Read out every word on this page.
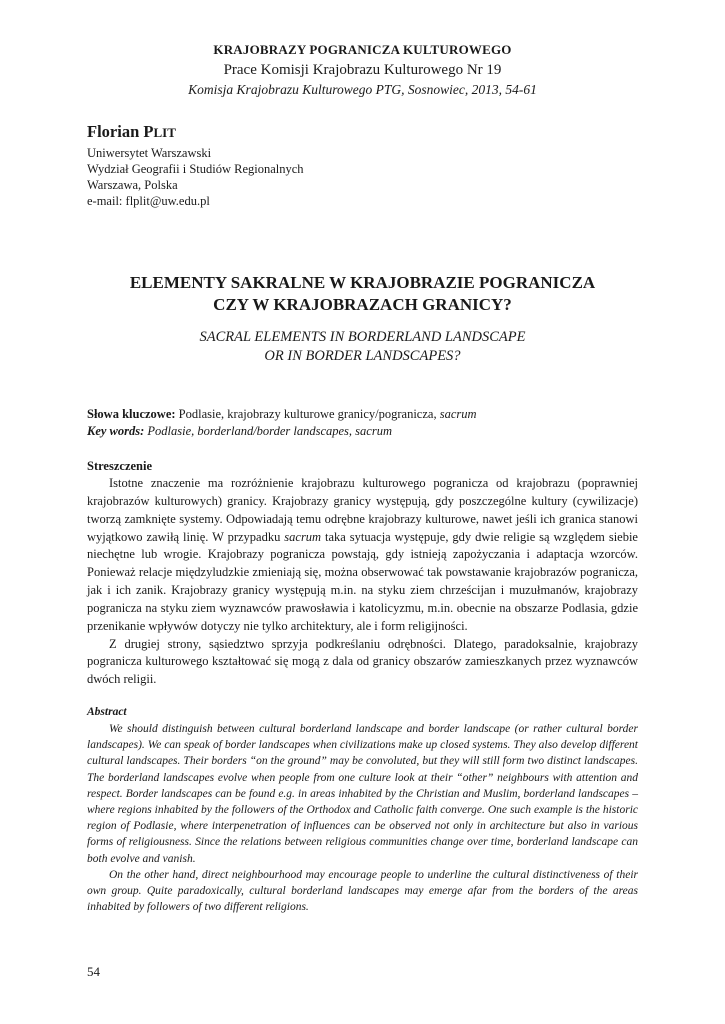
KRAJOBRAZY POGRANICZA KULTUROWEGO
Prace Komisji Krajobrazu Kulturowego Nr 19
Komisja Krajobrazu Kulturowego PTG, Sosnowiec, 2013, 54-61
Florian PLIT
Uniwersytet Warszawski
Wydział Geografii i Studiów Regionalnych
Warszawa, Polska
e-mail: flplit@uw.edu.pl
ELEMENTY SAKRALNE W KRAJOBRAZIE POGRANICZA
CZY W KRAJOBRAZACH GRANICY?
SACRAL ELEMENTS IN BORDERLAND LANDSCAPE
OR IN BORDER LANDSCAPES?
Słowa kluczowe: Podlasie, krajobrazy kulturowe granicy/pogranicza, sacrum
Key words: Podlasie, borderland/border landscapes, sacrum
Streszczenie

Istotne znaczenie ma rozróżnienie krajobrazu kulturowego pogranicza od krajobrazu (poprawniej krajobrazów kulturowych) granicy. Krajobrazy granicy występują, gdy poszczególne kultury (cywilizacje) tworzą zamknięte systemy. Odpowiadają temu odrębne krajobrazy kulturowe, nawet jeśli ich granica stanowi wyjątkowo zawiłą linię. W przypadku sacrum taka sytuacja występuje, gdy dwie religie są względem siebie niechętne lub wrogie. Krajobrazy pogranicza powstają, gdy istnieją zapożyczania i adaptacja wzorców. Ponieważ relacje międzyludzkie zmieniają się, można obserwować tak powstawanie krajobrazów pogranicza, jak i ich zanik. Krajobrazy granicy występują m.in. na styku ziem chrześcijan i muzułmanów, krajobrazy pogranicza na styku ziem wyznawców prawosławia i katolicyzmu, m.in. obecnie na obszarze Podlasia, gdzie przenikanie wpływów dotyczy nie tylko architektury, ale i form religijności.

Z drugiej strony, sąsiedztwo sprzyja podkreślaniu odrębności. Dlatego, paradoksalnie, krajobrazy pogranicza kulturowego kształtować się mogą z dala od granicy obszarów zamieszkanych przez wyznawców dwóch religii.

Abstract

We should distinguish between cultural borderland landscape and border landscape (or rather cultural border landscapes). We can speak of border landscapes when civilizations make up closed systems. They also develop different cultural landscapes. Their borders “on the ground” may be convoluted, but they will still form two distinct landscapes. The borderland landscapes evolve when people from one culture look at their “other” neighbours with attention and respect. Border landscapes can be found e.g. in areas inhabited by the Christian and Muslim, borderland landscapes – where regions inhabited by the followers of the Orthodox and Catholic faith converge. One such example is the historic region of Podlasie, where interpenetration of influences can be observed not only in architecture but also in various forms of religiousness. Since the relations between religious communities change over time, borderland landscape can both evolve and vanish.

On the other hand, direct neighbourhood may encourage people to underline the cultural distinctiveness of their own group. Quite paradoxically, cultural borderland landscapes may emerge afar from the borders of the areas inhabited by followers of two different religions.

54
